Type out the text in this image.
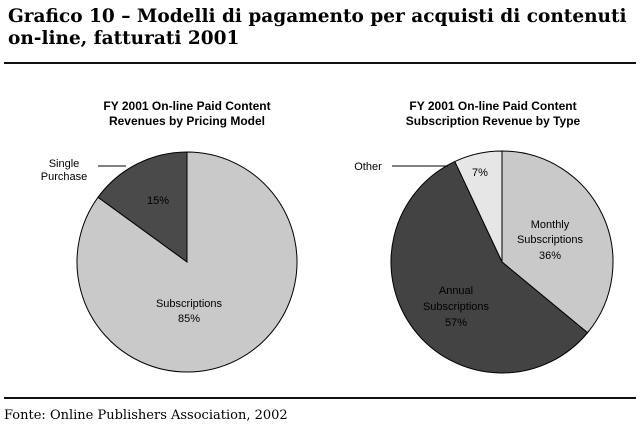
Grafico 10 – Modelli di pagamento per acquisti di contenuti on-line, fatturati 2001
FY 2001 On-line Paid Content
Revenues by Pricing Model
Single
Purchase
15%
Subscriptions
85%
FY 2001 On-line Paid Content
Subscription Revenue by Type
Other	7%
Monthly
Subscriptions
36%
Annual
Subscriptions
57%
Fonte: Online Publishers Association, 2002
